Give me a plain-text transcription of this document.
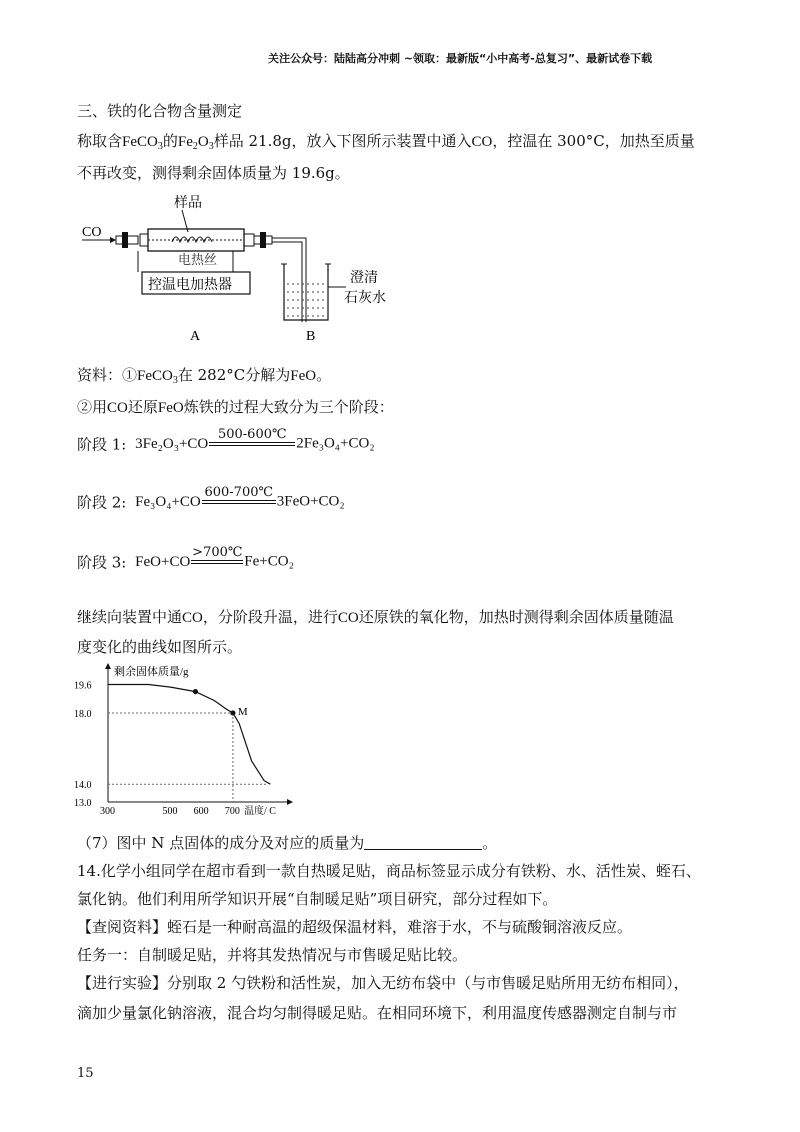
关注公众号：陆陆高分冲刺 ~领取：最新版“小中高考-总复习”、最新试卷下载
三、铁的化合物含量测定
称取含FeCO$_3$的$Fe_2O_3$样品 21.8g，放入下图所示装置中通入CO，控温在 300°C，加热至质量
不再改变，测得剩余固体质量为 19.6g。
CO
样品
电热丝
控温电加热器	澄清
石灰水
A	B
资料：①FeCO$_3$在 282°C分解为FeO。
②用CO还原FeO炼铁的过程大致分为三个阶段：
阶段 1: 3Fe₂O₃+CO
500-600℃
2Fe₃O₄+CO₂
阶段 2: Fe₃O₄+CO
600-700℃
3FeO+CO₂
阶段 3: FeO+CO
>700℃
Fe+CO₂
继续向装置中通CO，分阶段升温，进行CO还原铁的氧化物，加热时测得剩余固体质量随温
度变化的曲线如图所示。
剩余固体质量/g
温度/ C
19.6
18.0
14.0
13.0
300	500 600 700
M
（7）图中 N 点固体的成分及对应的质量为	。
14.化学小组同学在超市看到一款自热暖足贴，商品标签显示成分有铁粉、水、活性炭、蛭石、
氯化钠。他们利用所学知识开展“自制暖足贴”项目研究，部分过程如下。
【查阅资料】蛭石是一种耐高温的超级保温材料，难溶于水，不与硫酸铜溶液反应。
任务一：自制暖足贴，并将其发热情况与市售暖足贴比较。
【进行实验】分别取 2 勺铁粉和活性炭，加入无纺布袋中（与市售暖足贴所用无纺布相同），
滴加少量氯化钠溶液，混合均匀制得暖足贴。在相同环境下，利用温度传感器测定自制与市
15
